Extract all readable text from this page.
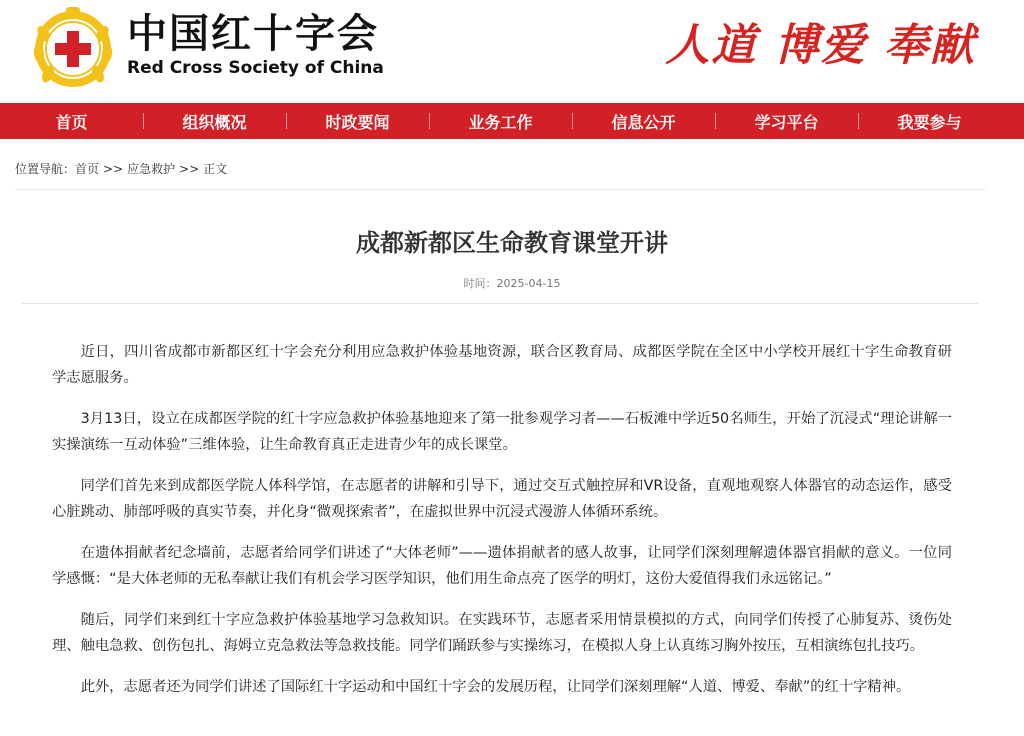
中国红十字会
Red Cross Society of China	人道 博爱 奉献
首页	组织概况	时政要闻	业务工作	信息公开	学习平台	我要参与
位置导航：首页 >> 应急救护 >> 正文
成都新都区生命教育课堂开讲
时间：2025-04-15

近日，四川省成都市新都区红十字会充分利用应急救护体验基地资源，联合区教育局、成都医学院在全区中小学校开展红十字生命教育研学志愿服务。

3月13日，设立在成都医学院的红十字应急救护体验基地迎来了第一批参观学习者——石板滩中学近50名师生，开始了沉浸式“理论讲解一实操演练一互动体验”三维体验，让生命教育真正走进青少年的成长课堂。

同学们首先来到成都医学院人体科学馆，在志愿者的讲解和引导下，通过交互式触控屏和VR设备，直观地观察人体器官的动态运作，感受心脏跳动、肺部呼吸的真实节奏，并化身“微观探索者”，在虚拟世界中沉浸式漫游人体循环系统。

在遗体捐献者纪念墙前，志愿者给同学们讲述了“大体老师”——遗体捐献者的感人故事，让同学们深刻理解遗体器官捐献的意义。一位同学感慨：“是大体老师的无私奉献让我们有机会学习医学知识，他们用生命点亮了医学的明灯，这份大爱值得我们永远铭记。”

随后，同学们来到红十字应急救护体验基地学习急救知识。在实践环节，志愿者采用情景模拟的方式，向同学们传授了心肺复苏、烫伤处理、触电急救、创伤包扎、海姆立克急救法等急救技能。同学们踊跃参与实操练习，在模拟人身上认真练习胸外按压，互相演练包扎技巧。

此外，志愿者还为同学们讲述了国际红十字运动和中国红十字会的发展历程，让同学们深刻理解“人道、博爱、奉献”的红十字精神。
